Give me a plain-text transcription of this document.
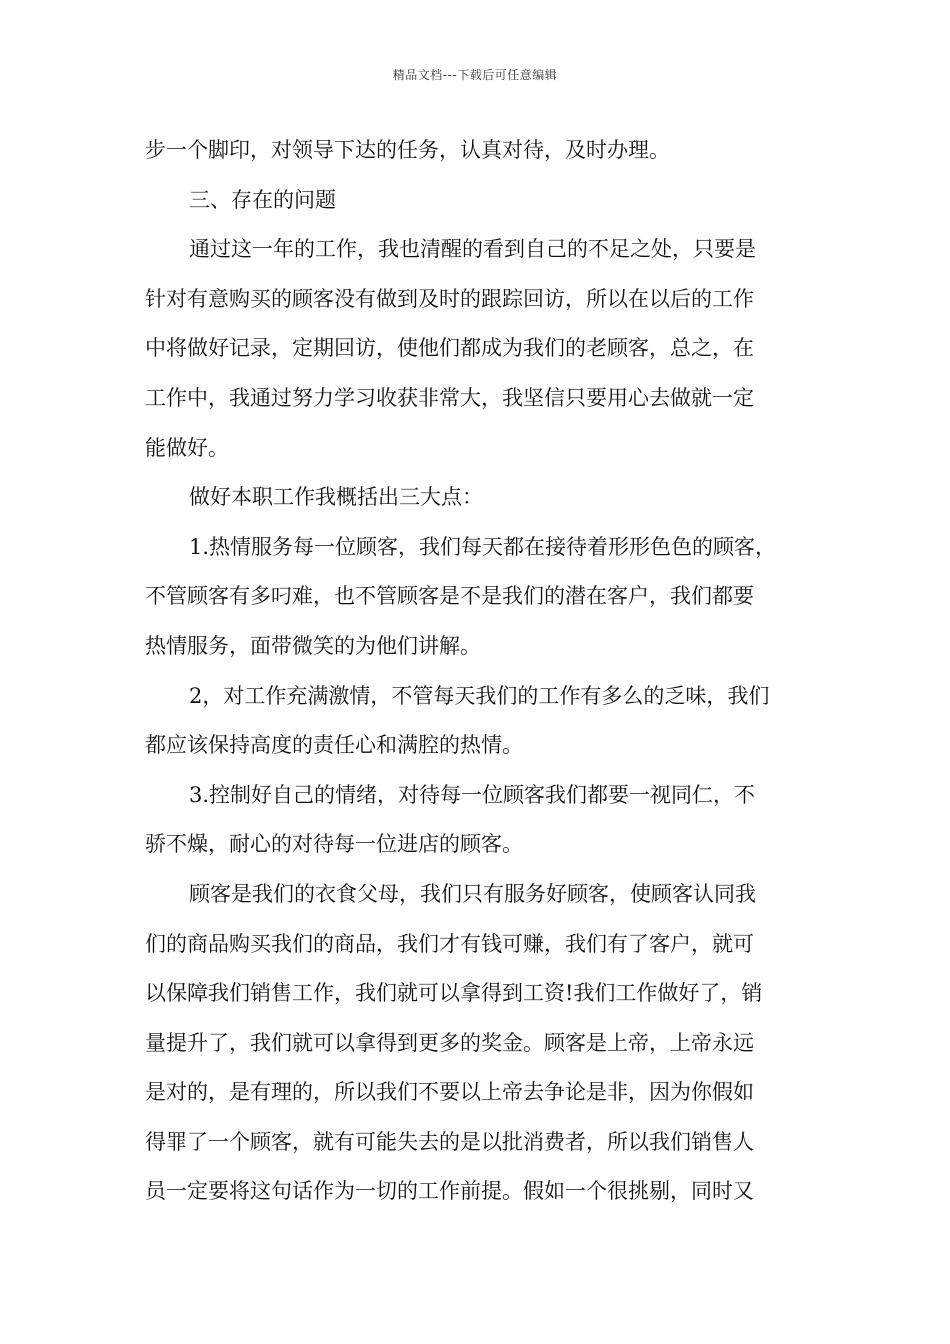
精品文档---下载后可任意编辑
步一个脚印，对领导下达的任务，认真对待，及时办理。
三、存在的问题
通过这一年的工作，我也清醒的看到自己的不足之处，只要是
针对有意购买的顾客没有做到及时的跟踪回访，所以在以后的工作
中将做好记录，定期回访，使他们都成为我们的老顾客，总之，在
工作中，我通过努力学习收获非常大，我坚信只要用心去做就一定
能做好。
做好本职工作我概括出三大点：
1.热情服务每一位顾客，我们每天都在接待着形形色色的顾客，
不管顾客有多叼难，也不管顾客是不是我们的潜在客户，我们都要
热情服务，面带微笑的为他们讲解。
2，对工作充满激情，不管每天我们的工作有多么的乏味，我们
都应该保持高度的责任心和满腔的热情。
3.控制好自己的情绪，对待每一位顾客我们都要一视同仁，不
骄不燥，耐心的对待每一位进店的顾客。
顾客是我们的衣食父母，我们只有服务好顾客，使顾客认同我
们的商品购买我们的商品，我们才有钱可赚，我们有了客户，就可
以保障我们销售工作，我们就可以拿得到工资!我们工作做好了，销
量提升了，我们就可以拿得到更多的奖金。顾客是上帝，上帝永远
是对的，是有理的，所以我们不要以上帝去争论是非，因为你假如
得罪了一个顾客，就有可能失去的是以批消费者，所以我们销售人
员一定要将这句话作为一切的工作前提。假如一个很挑剔，同时又
